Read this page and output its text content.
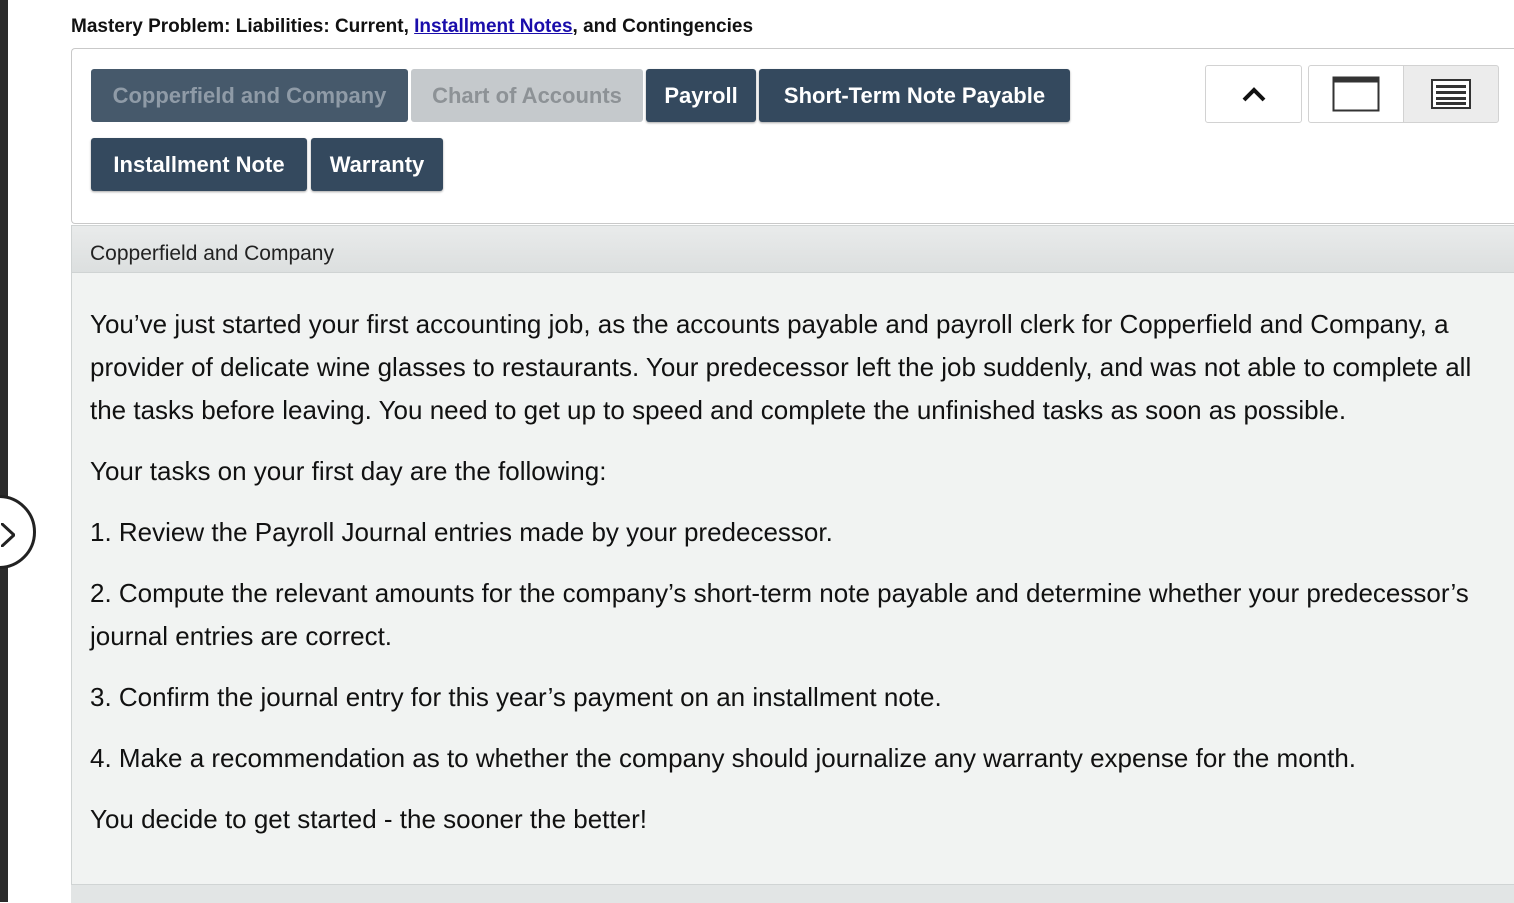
Mastery Problem: Liabilities: Current, Installment Notes, and Contingencies
Copperfield and Company	Chart of Accounts	Payroll	Short-Term Note Payable
Installment Note	Warranty
Copperfield and Company

You’ve just started your first accounting job, as the accounts payable and payroll clerk for Copperfield and Company, a provider of delicate wine glasses to restaurants. Your predecessor left the job suddenly, and was not able to complete all the tasks before leaving. You need to get up to speed and complete the unfinished tasks as soon as possible.

Your tasks on your first day are the following:

1. Review the Payroll Journal entries made by your predecessor.

2. Compute the relevant amounts for the company’s short-term note payable and determine whether your predecessor’s journal entries are correct.

3. Confirm the journal entry for this year’s payment on an installment note.

4. Make a recommendation as to whether the company should journalize any warranty expense for the month.

You decide to get started - the sooner the better!
